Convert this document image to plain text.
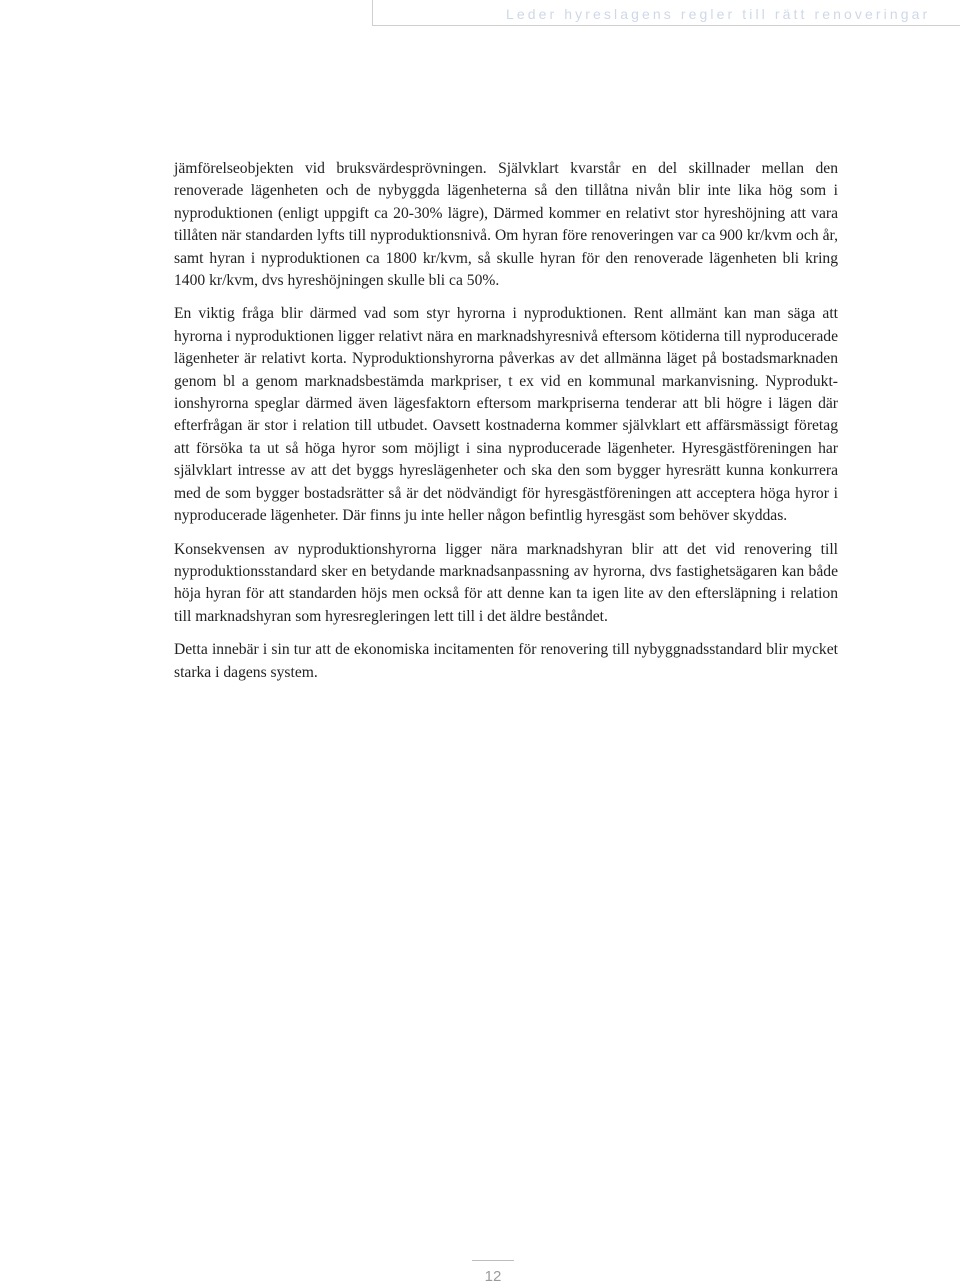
Leder hyreslagens regler till rätt renoveringar

jämförelseobjekten vid bruksvärdesprövningen. Självklart kvarstår en del skillnader mellan den renoverade lägenheten och de nybyggda lägenheterna så den tillåtna nivån blir inte lika hög som i nyproduktionen (enligt uppgift ca 20-30% lägre), Därmed kommer en relativt stor hyreshöjning att vara tillåten när standarden lyfts till nyproduktionsnivå. Om hyran före renoveringen var ca 900 kr/kvm och år, samt hyran i nyproduktionen ca 1800 kr/kvm, så skulle hyran för den renoverade lägenheten bli kring 1400 kr/kvm, dvs hyreshöjningen skulle bli ca 50%.

En viktig fråga blir därmed vad som styr hyrorna i nyproduktionen. Rent allmänt kan man säga att hyrorna i nyproduktionen ligger relativt nära en marknadshyresnivå eftersom kötiderna till nyproducerade lägenheter är relativt korta. Nyproduktionshyrorna påverkas av det allmänna läget på bostadsmarknaden genom bl a genom marknadsbestämda markpriser, t ex vid en kommunal markanvisning. Nyproduktionshyrorna speglar därmed även lägesfaktorn eftersom markpriserna tenderar att bli högre i lägen där efterfrågan är stor i relation till utbudet. Oavsett kostnaderna kommer självklart ett affärsmässigt företag att försöka ta ut så höga hyror som möjligt i sina nyproducerade lägenheter. Hyresgästföreningen har självklart intresse av att det byggs hyreslägenheter och ska den som bygger hyresrätt kunna konkurrera med de som bygger bostadsrätter så är det nödvändigt för hyresgästföreningen att acceptera höga hyror i nyproducerade lägenheter. Där finns ju inte heller någon befintlig hyresgäst som behöver skyddas.

Konsekvensen av nyproduktionshyrorna ligger nära marknadshyran blir att det vid renovering till nyproduktionsstandard sker en betydande marknadsanpassning av hyrorna, dvs fastighetsägaren kan både höja hyran för att standarden höjs men också för att denne kan ta igen lite av den eftersläpning i relation till marknadshyran som hyresregleringen lett till i det äldre beståndet.

Detta innebär i sin tur att de ekonomiska incitamenten för renovering till nybyggnadsstandard blir mycket starka i dagens system.

12
